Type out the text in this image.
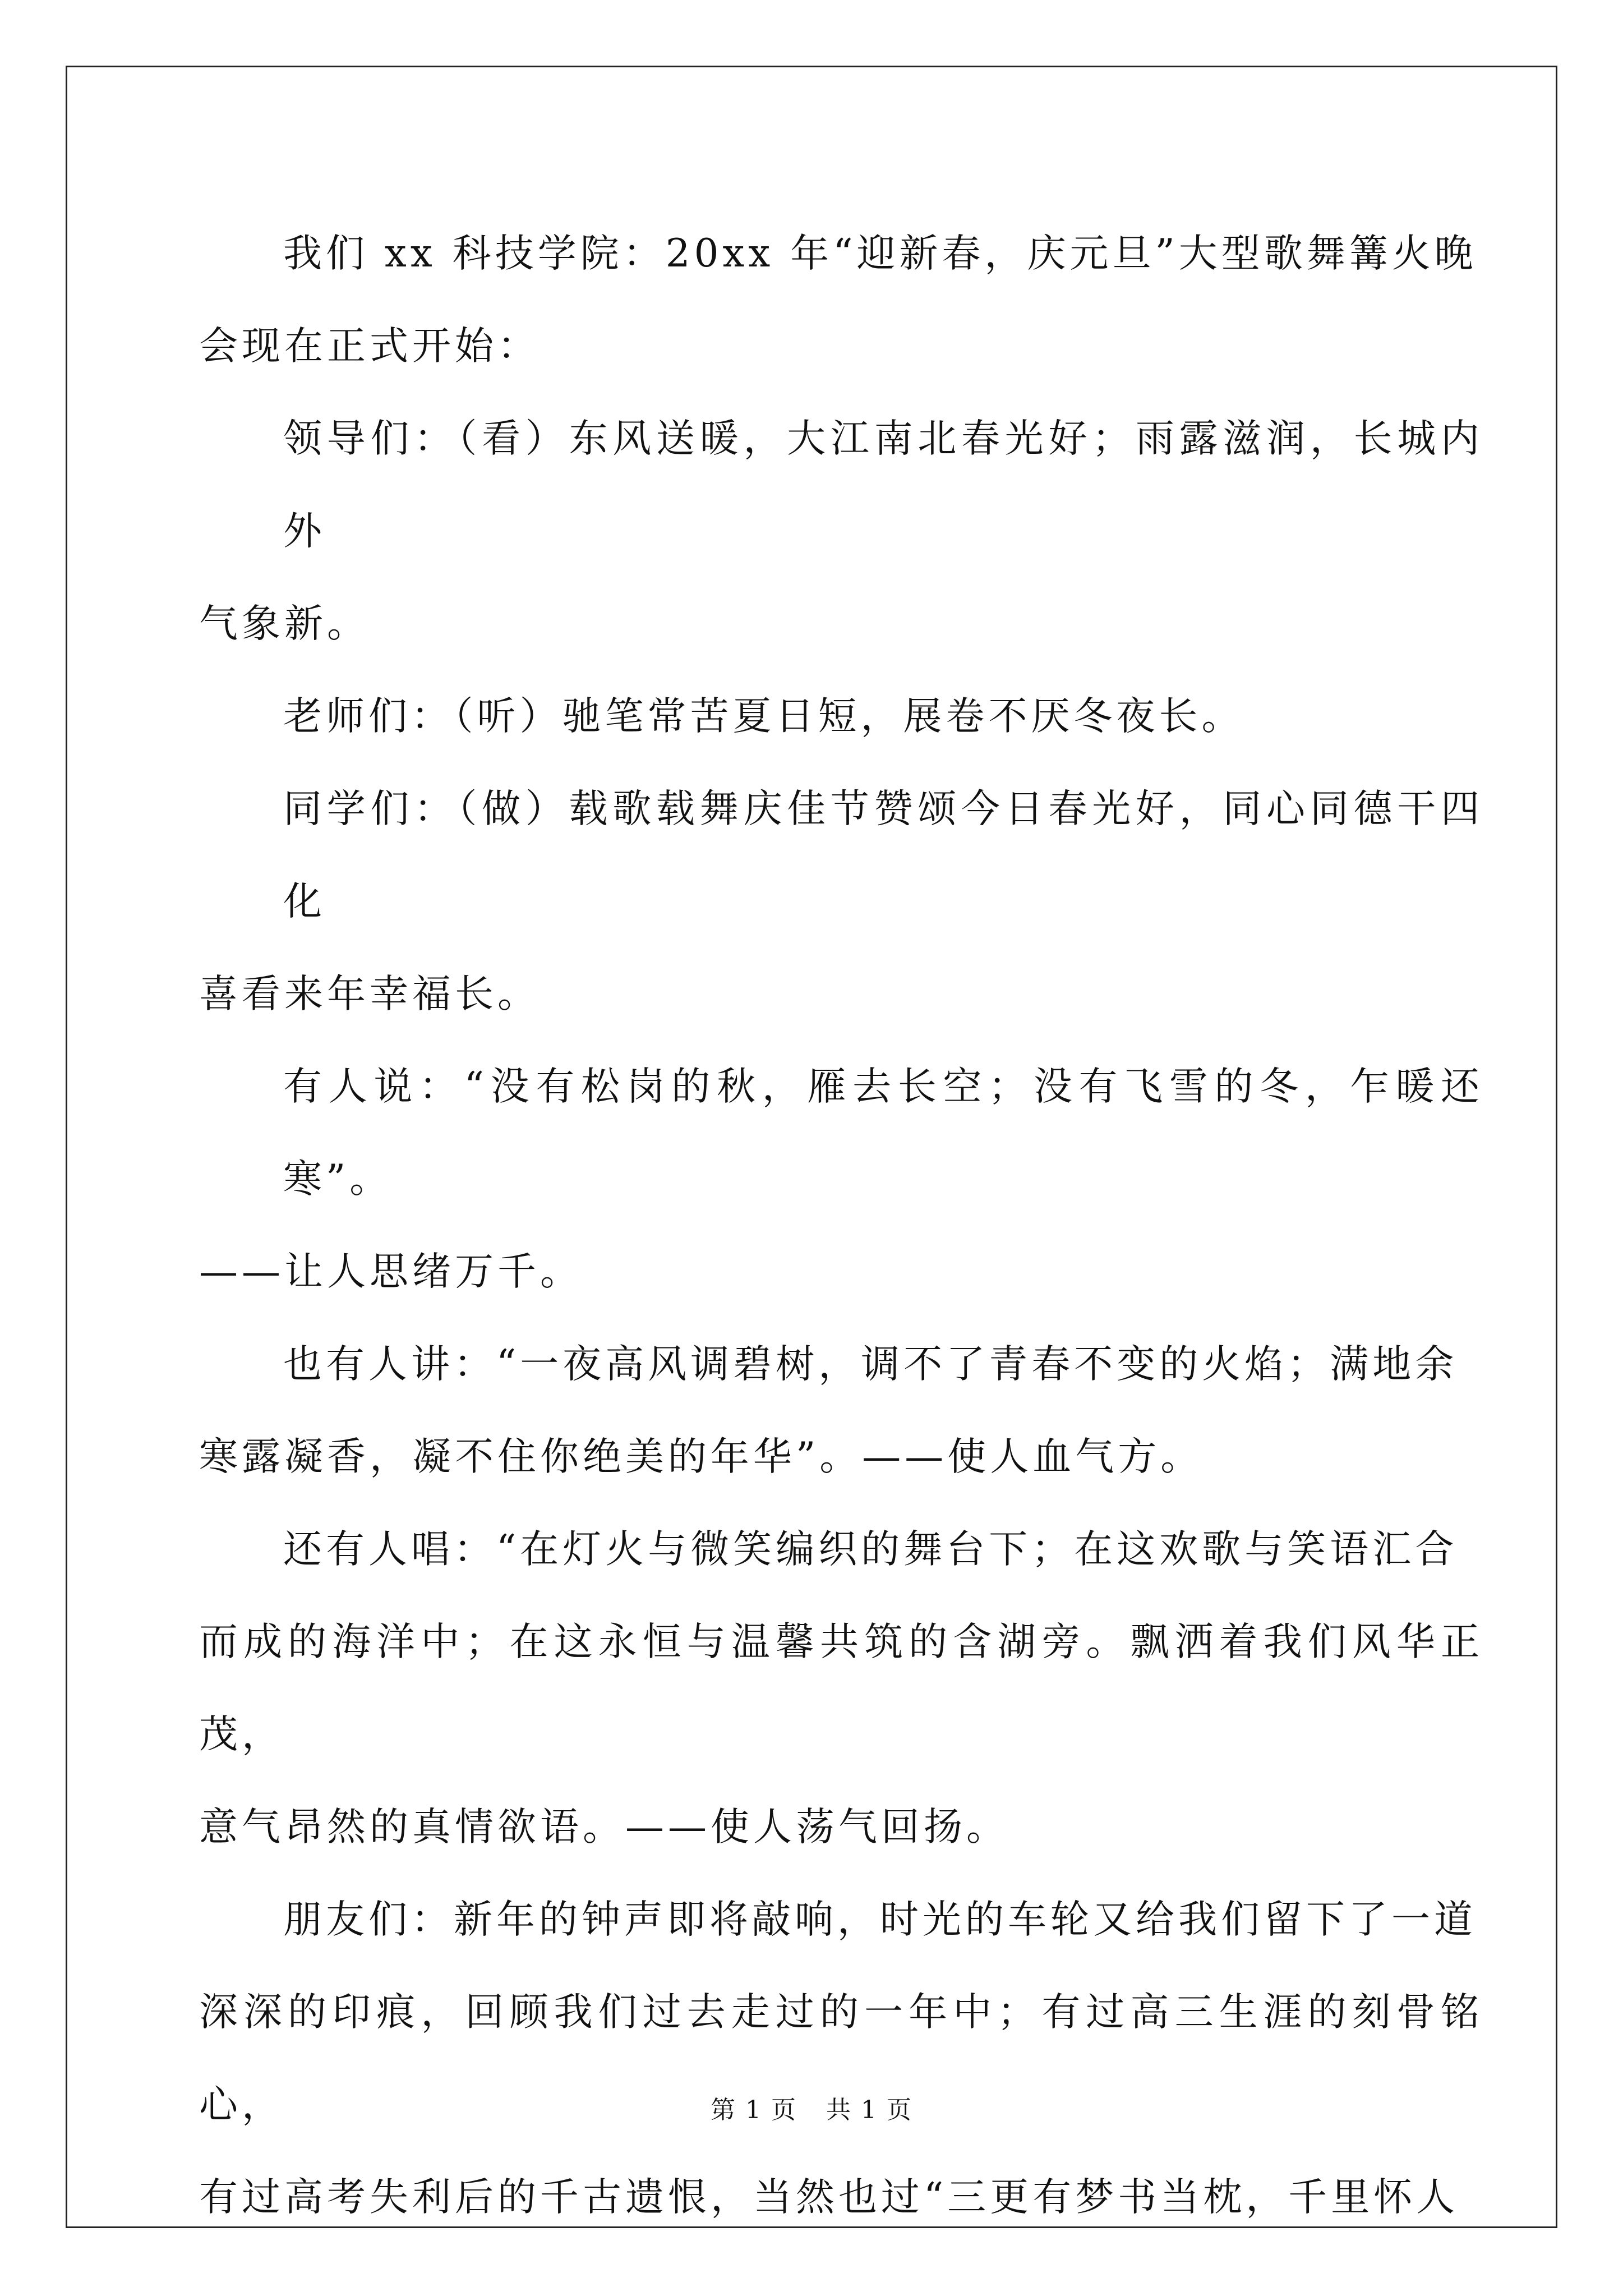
我们 xx 科技学院：20xx 年“迎新春，庆元旦”大型歌舞篝火晚
会现在正式开始：

领导们：（看）东风送暖，大江南北春光好；雨露滋润，长城内外
气象新。

老师们：（听）驰笔常苦夏日短，展卷不厌冬夜长。

同学们：（做）载歌载舞庆佳节赞颂今日春光好，同心同德干四化
喜看来年幸福长。

有人说：“没有松岗的秋，雁去长空；没有飞雪的冬，乍暖还寒”。
——让人思绪万千。

也有人讲：“一夜高风调碧树，调不了青春不变的火焰；满地余
寒露凝香，凝不住你绝美的年华”。——使人血气方。

还有人唱：“在灯火与微笑编织的舞台下；在这欢歌与笑语汇合
而成的海洋中；在这永恒与温馨共筑的含湖旁。飘洒着我们风华正茂，
意气昂然的真情欲语。——使人荡气回扬。

朋友们：新年的钟声即将敲响，时光的车轮又给我们留下了一道
深深的印痕，回顾我们过去走过的一年中；有过高三生涯的刻骨铭心，
有过高考失利后的千古遗恨，当然也过“三更有梦书当枕，千里怀人

第 1 页 共 1 页
